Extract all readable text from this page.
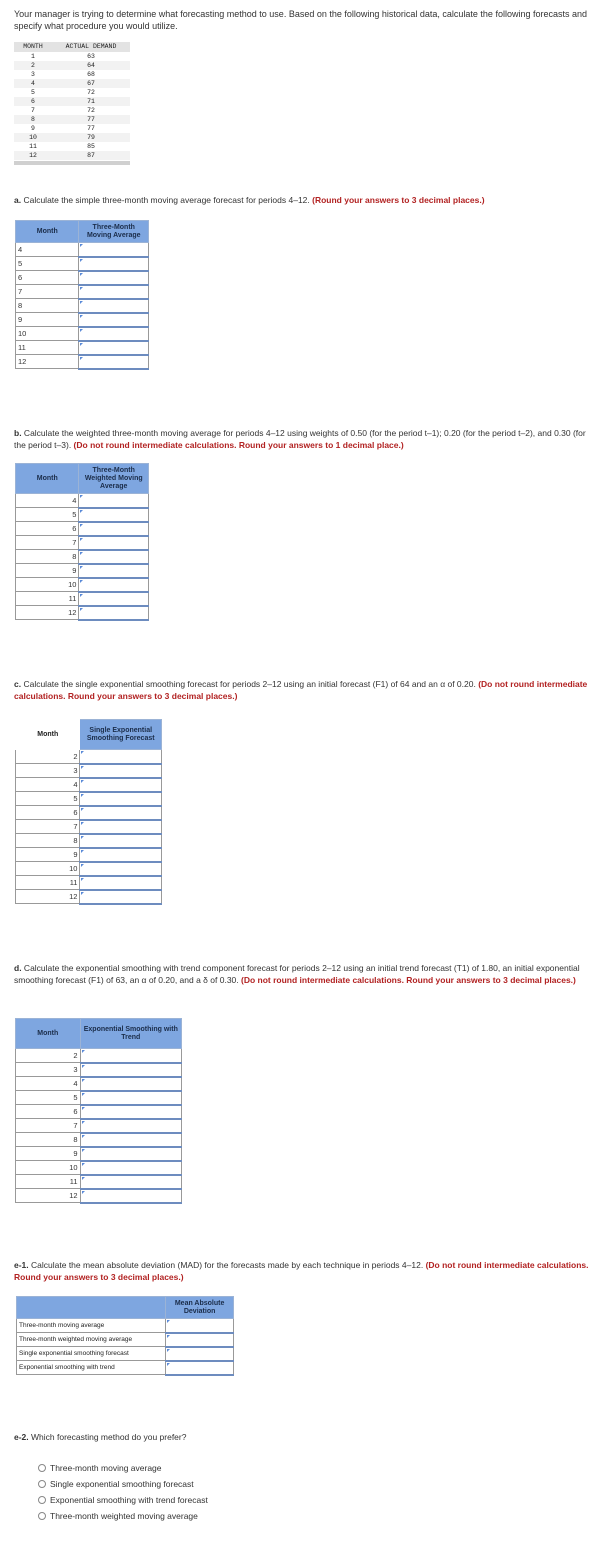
Your manager is trying to determine what forecasting method to use. Based on the following historical data, calculate the following forecasts and specify what procedure you would utilize.
MONTH	ACTUAL DEMAND
1	63
2	64
3	68
4	67
5	72
6	71
7	72
8	77
9	77
10	79
11	85
12	87
a. Calculate the simple three-month moving average forecast for periods 4–12. (Round your answers to 3 decimal places.)
Month	Three-Month Moving Average
4	
5	
6	
7	
8	
9	
10	
11	
12	
b. Calculate the weighted three-month moving average for periods 4–12 using weights of 0.50 (for the period t–1); 0.20 (for the period t–2), and 0.30 (for the period t–3). (Do not round intermediate calculations. Round your answers to 1 decimal place.)
Month	Three-Month Weighted Moving Average
4	
5	
6	
7	
8	
9	
10	
11	
12	
c. Calculate the single exponential smoothing forecast for periods 2–12 using an initial forecast (F1) of 64 and an α of 0.20. (Do not round intermediate calculations. Round your answers to 3 decimal places.)
Month	Single Exponential Smoothing Forecast
2	
3	
4	
5	
6	
7	
8	
9	
10	
11	
12	
d. Calculate the exponential smoothing with trend component forecast for periods 2–12 using an initial trend forecast (T1) of 1.80, an initial exponential smoothing forecast (F1) of 63, an α of 0.20, and a δ of 0.30. (Do not round intermediate calculations. Round your answers to 3 decimal places.)
Month	Exponential Smoothing with Trend
2	
3	
4	
5	
6	
7	
8	
9	
10	
11	
12	
e-1. Calculate the mean absolute deviation (MAD) for the forecasts made by each technique in periods 4–12. (Do not round intermediate calculations. Round your answers to 3 decimal places.)
	Mean Absolute Deviation
Three-month moving average	
Three-month weighted moving average	
Single exponential smoothing forecast	
Exponential smoothing with trend	
e-2. Which forecasting method do you prefer?
Three-month moving average
Single exponential smoothing forecast
Exponential smoothing with trend forecast
Three-month weighted moving average
